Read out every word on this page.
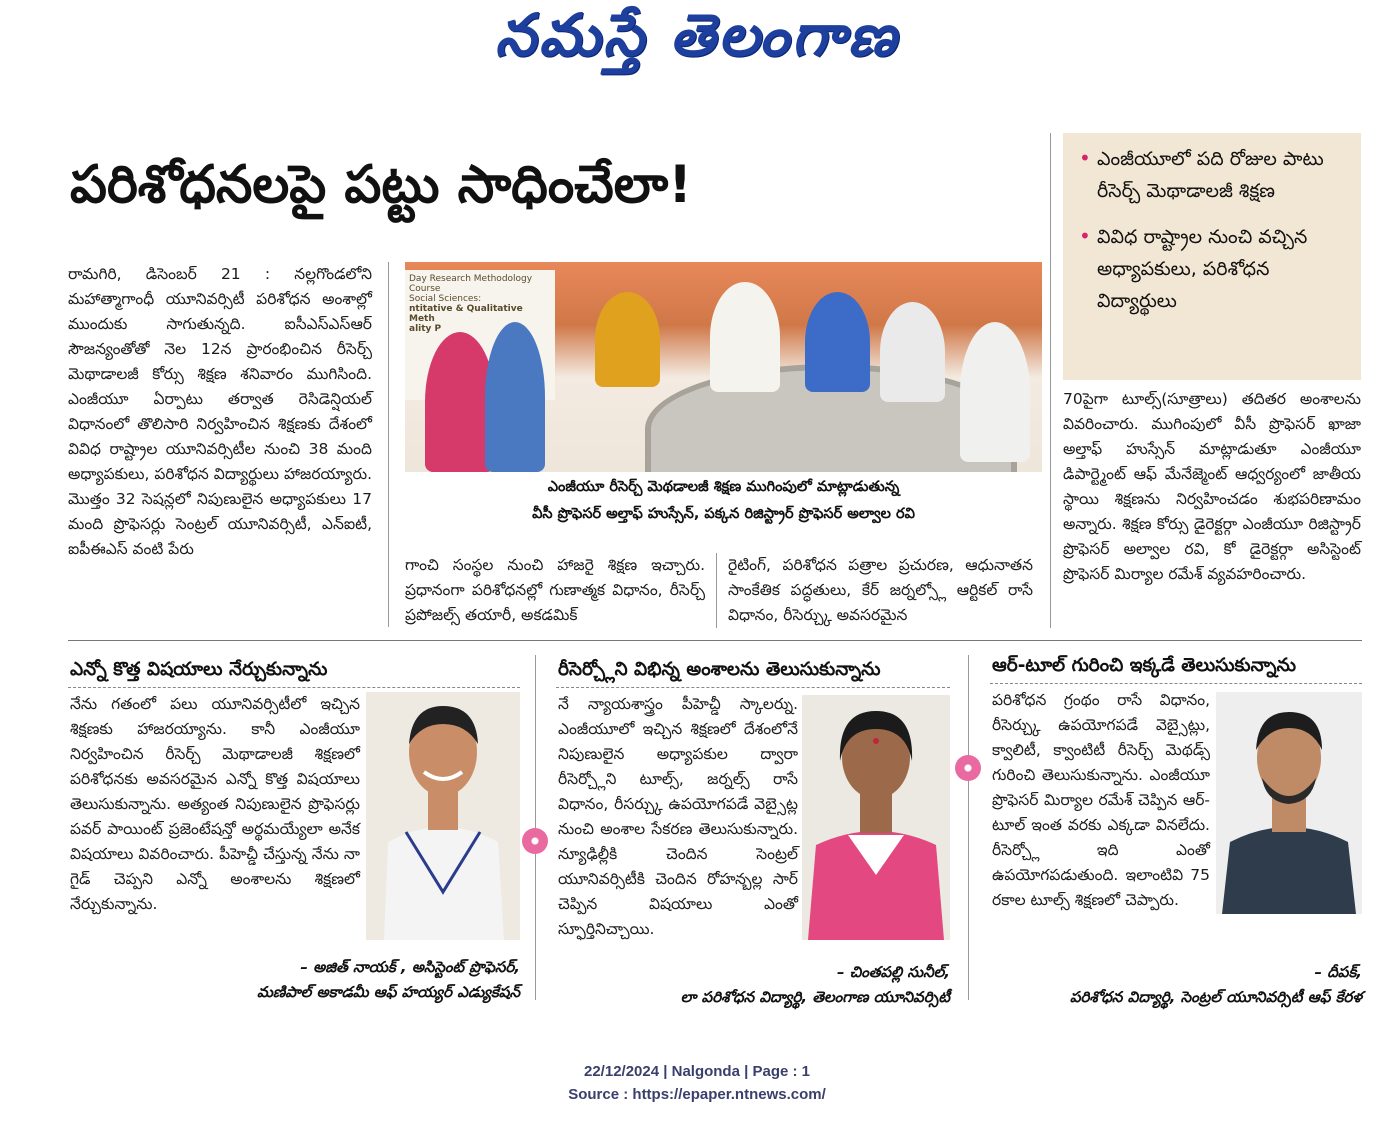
నమస్తే తెలంగాణ
పరిశోధనలపై పట్టు సాధించేలా!	• ఎంజీయూలో పది రోజుల పాటు రీసెర్చ్ మెథాడాలజీ శిక్షణ
• వివిధ రాష్ట్రాల నుంచి వచ్చిన అధ్యాపకులు, పరిశోధన విద్యార్థులు

రామగిరి, డిసెంబర్ 21 : నల్లగొండలోని మహాత్మాగాంధీ యూనివర్సిటీ పరిశోధన అంశాల్లో ముందుకు సాగుతున్నది. ఐసీఎస్ఎస్ఆర్ సౌజన్యంతోతో నెల 12న ప్రారంభించిన రీసెర్చ్ మెథాడాలజీ కోర్సు శిక్షణ శనివారం ముగిసింది. ఎంజీయూ ఏర్పాటు తర్వాత రెసిడెన్షియల్ విధానంలో తొలిసారి నిర్వహించిన శిక్షణకు దేశంలో వివిధ రాష్ట్రాల యూనివర్సిటీల నుంచి 38 మంది అధ్యాపకులు, పరిశోధన విద్యార్థులు హాజరయ్యారు. మొత్తం 32 సెషన్లలో నిపుణులైన అధ్యాపకులు 17 మంది ప్రొఫెసర్లు సెంట్రల్ యూనివర్సిటీ, ఎన్ఐటీ, ఐపీఈఎస్ వంటి పేరు

Day Research Methodology Course
Social Sciences:
ntitative & Qualitative Meth
ality P
ఎంజీయూ రీసెర్చ్ మెథడాలజీ శిక్షణ ముగింపులో మాట్లాడుతున్న
వీసీ ప్రొఫెసర్ అల్తాఫ్ హుస్సేన్, పక్కన రిజిస్ట్రార్ ప్రొఫెసర్ అల్వాల రవి

గాంచి సంస్థల నుంచి హాజరై శిక్షణ ఇచ్చారు. ప్రధానంగా పరిశోధనల్లో గుణాత్మక విధానం, రీసెర్చ్ ప్రపోజల్స్ తయారీ, అకడమిక్

రైటింగ్, పరిశోధన పత్రాల ప్రచురణ, ఆధునాతన సాంకేతిక పద్ధతులు, కేర్ జర్నల్స్లో ఆర్టికల్ రాసే విధానం, రీసెర్చ్కు అవసరమైన

70పైగా టూల్స్(సూత్రాలు) తదితర అంశాలను వివరించారు. ముగింపులో వీసీ ప్రొఫెసర్ ఖాజా అల్తాఫ్ హుస్సేన్ మాట్లాడుతూ ఎంజీయూ డిపార్ట్మెంట్ ఆఫ్ మేనేజ్మెంట్ ఆధ్వర్యంలో జాతీయ స్థాయి శిక్షణను నిర్వహించడం శుభపరిణామం అన్నారు. శిక్షణ కోర్సు డైరెక్టర్గా ఎంజీయూ రిజిస్ట్రార్ ప్రొఫెసర్ అల్వాల రవి, కో డైరెక్టర్గా అసిస్టెంట్ ప్రొఫెసర్ మిర్యాల రమేశ్ వ్యవహరించారు.

ఎన్నో కొత్త విషయాలు నేర్చుకున్నాను

నేను గతంలో పలు యూనివర్సిటీలో ఇచ్చిన శిక్షణకు హాజరయ్యాను. కానీ ఎంజీయూ నిర్వహించిన రీసెర్చ్ మెథాడాలజీ శిక్షణలో పరిశోధనకు అవసరమైన ఎన్నో కొత్త విషయాలు తెలుసుకున్నాను. అత్యంత నిపుణులైన ప్రొఫెసర్లు పవర్ పాయింట్ ప్రజెంటేషన్తో అర్థమయ్యేలా అనేక విషయాలు వివరించారు. పీహెచ్డీ చేస్తున్న నేను నా గైడ్ చెప్పని ఎన్నో అంశాలను శిక్షణలో నేర్చుకున్నాను.

– అజిత్ నాయక్ , అసిస్టెంట్ ప్రొఫెసర్,
మణిపాల్ అకాడమీ ఆఫ్ హయ్యర్ ఎడ్యుకేషన్
రీసెర్చ్లోని విభిన్న అంశాలను తెలుసుకున్నాను

నే న్యాయశాస్త్రం పీహెచ్డీ స్కాలర్ను. ఎంజీయూలో ఇచ్చిన శిక్షణలో దేశంలోనే నిపుణులైన అధ్యాపకుల ద్వారా రీసెర్చ్లోని టూల్స్, జర్నల్స్ రాసే విధానం, రీసర్చ్కు ఉపయోగపడే వెబ్సైట్ల నుంచి అంశాల సేకరణ తెలుసుకున్నారు. న్యూఢిల్లీకి చెందిన సెంట్రల్ యూనివర్సిటీకి చెందిన రోహన్బల్ల సార్ చెప్పిన విషయాలు ఎంతో స్ఫూర్తినిచ్చాయి.

– చింతపల్లి సునీల్,
లా పరిశోధన విద్యార్థి, తెలంగాణ యూనివర్సిటీ
ఆర్-టూల్ గురించి ఇక్కడే తెలుసుకున్నాను

పరిశోధన గ్రంథం రాసే విధానం, రీసెర్చ్కు ఉపయోగపడే వెబ్సైట్లు, క్వాలిటీ, క్వాంటిటీ రీసెర్చ్ మెథడ్స్ గురించి తెలుసుకున్నాను. ఎంజీయూ ప్రొఫెసర్ మిర్యాల రమేశ్ చెప్పిన ఆర్-టూల్ ఇంత వరకు ఎక్కడా వినలేదు. రీసెర్చ్లో ఇది ఎంతో ఉపయోగపడుతుంది. ఇలాంటివి 75 రకాల టూల్స్ శిక్షణలో చెప్పారు.

– దీపక్,
పరిశోధన విద్యార్థి, సెంట్రల్ యూనివర్సిటీ ఆఫ్ కేరళ
22/12/2024 | Nalgonda | Page : 1
Source : https://epaper.ntnews.com/
